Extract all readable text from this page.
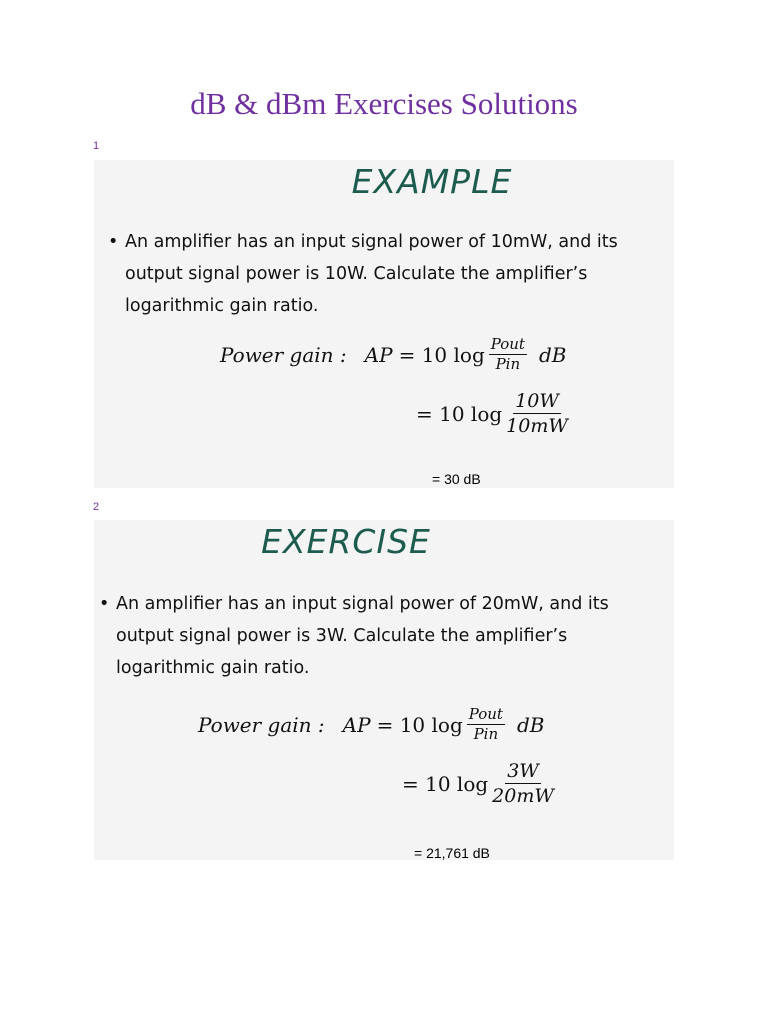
dB & dBm Exercises Solutions
1
EXAMPLE
• An amplifier has an input signal power of 10mW, and its
output signal power is 10W. Calculate the amplifier’s
logarithmic gain ratio.
Power gain : AP = 10 $\log \frac{\text{Pout}}{\text{Pin}}$ dB
= 10 $\log \frac{10W}{10mW}$
= 30 dB
2
EXERCISE
• An amplifier has an input signal power of 20mW, and its
output signal power is 3W. Calculate the amplifier’s
logarithmic gain ratio.
Power gain : AP = 10 $\log \frac{\text{Pout}}{\text{Pin}}$ dB
= 10 $\log \frac{3W}{20mW}$
= 21,761 dB
